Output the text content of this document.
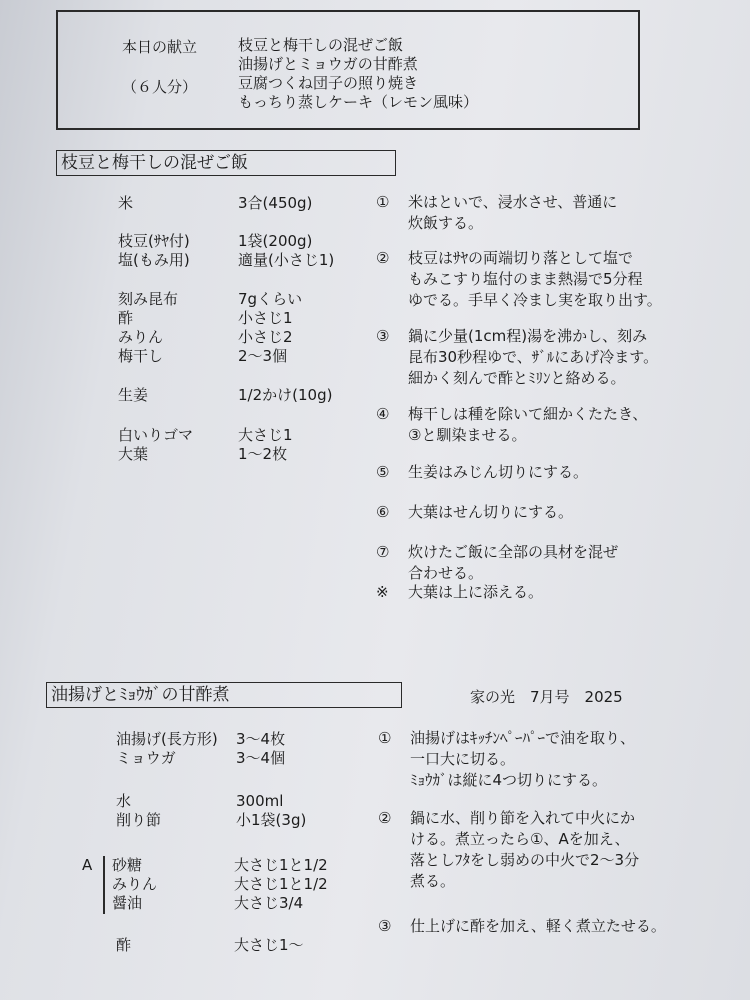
本日の献立
（６人分）
枝豆と梅干しの混ぜご飯
油揚げとミョウガの甘酢煮
豆腐つくね団子の照り焼き
もっちり蒸しケーキ（レモン風味）
枝豆と梅干しの混ぜご飯
米	3合(450g)
枝豆(ｻﾔ付)	1袋(200g)
塩(もみ用)	適量(小さじ1)
刻み昆布	7gくらい
酢	小さじ1
みりん	小さじ2
梅干し	2～3個
生姜	1/2かけ(10g)
白いりゴマ	大さじ1
大葉	1～2枚
① 米はといで、浸水させ、普通に
炊飯する。
② 枝豆はｻﾔの両端切り落として塩で
もみこすり塩付のまま熱湯で5分程
ゆでる。手早く冷まし実を取り出す。
③ 鍋に少量(1cm程)湯を沸かし、刻み
昆布30秒程ゆで、ｻﾞﾙにあげ冷ます。
細かく刻んで酢とﾐﾘﾝと絡める。
④ 梅干しは種を除いて細かくたたき、
③と馴染ませる。
⑤ 生姜はみじん切りにする。
⑥ 大葉はせん切りにする。
⑦ 炊けたご飯に全部の具材を混ぜ
合わせる。
※ 大葉は上に添える。
油揚げとﾐｮｳｶﾞの甘酢煮	家の光　7月号　2025
油揚げ(長方形) 3～4枚
ミョウガ	3～4個
水	300ml
削り節	小1袋(3g)
A 砂糖	大さじ1と1/2
みりん	大さじ1と1/2
醤油	大さじ3/4
酢	大さじ1～
① 油揚げはｷｯﾁﾝﾍﾟｰﾊﾟｰで油を取り、
一口大に切る。
ﾐｮｳｶﾞは縦に4つ切りにする。
② 鍋に水、削り節を入れて中火にか
ける。煮立ったら①、Aを加え、
落としﾌﾀをし弱めの中火で2～3分
煮る。
③ 仕上げに酢を加え、軽く煮立たせる。
